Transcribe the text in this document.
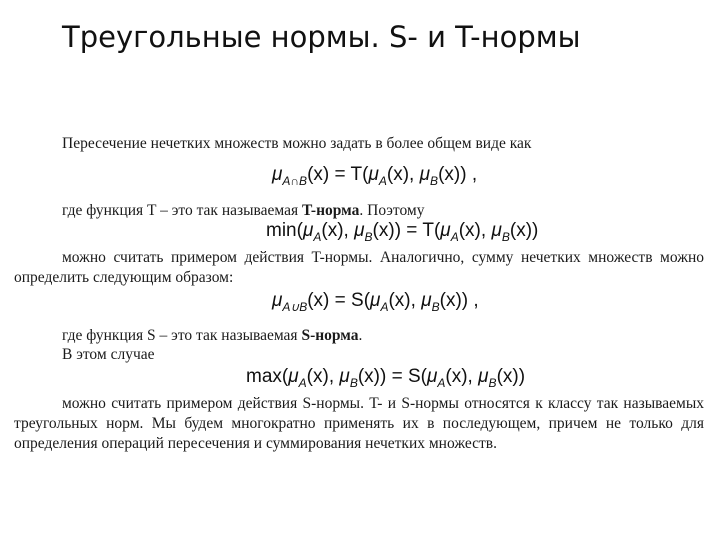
Треугольные нормы. S- и T-нормы

Пересечение нечетких множеств можно задать в более общем виде как

$\mu_{A\cap B}(x) = T(\mu_A(x)$, $\mu_B(x)$) ,
где функция T – это так называемая T-норма. Поэтому
$\min(\mu_A(x)$, $\mu_B(x)) = T(\mu_A(x)$, $\mu_B(x)$)

можно считать примером действия T-нормы. Аналогично, сумму нечетких множеств можно определить следующим образом:

$\mu_{A\cup B}(x) = S(\mu_A(x)$, $\mu_B(x)$) ,
где функция S – это так называемая S-норма.
В этом случае
$\max(\mu_A(x)$, $\mu_B(x)) = S(\mu_A(x)$, $\mu_B(x)$)

можно считать примером действия S-нормы. T- и S-нормы относятся к классу так называемых треугольных норм. Мы будем многократно применять их в последующем, причем не только для определения операций пересечения и суммирования нечетких множеств.
